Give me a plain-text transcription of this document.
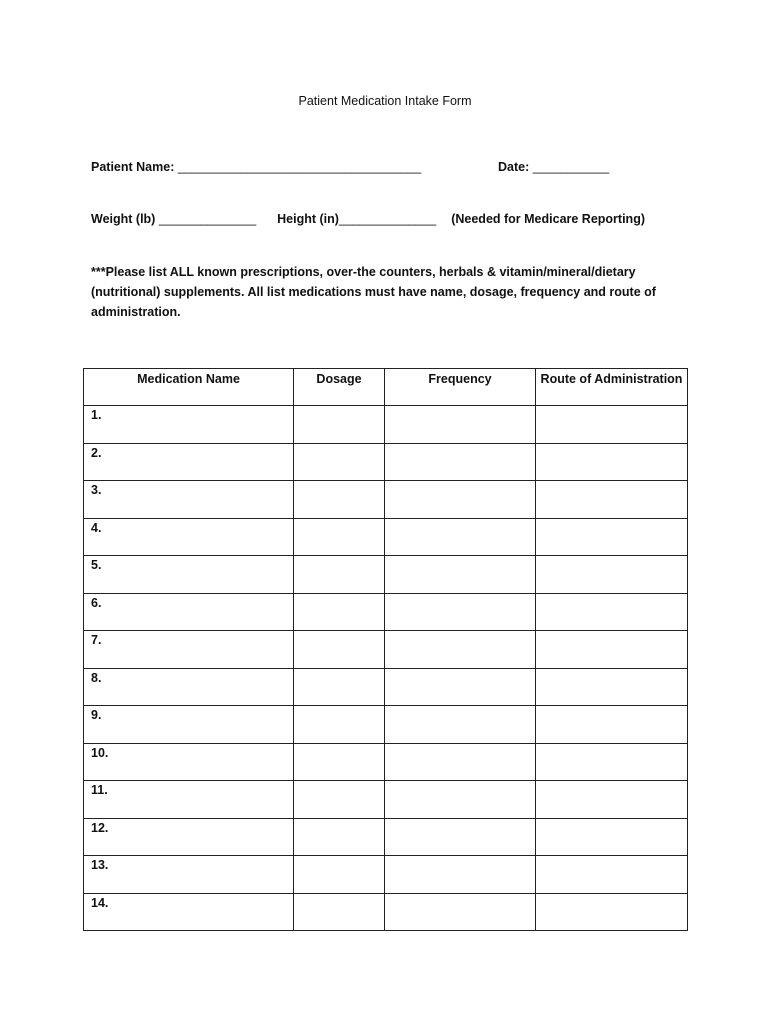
Patient Medication Intake Form
Patient Name: ___________________________________	Date: ___________
Weight (lb) ______________ Height (in)______________ (Needed for Medicare Reporting)
***Please list ALL known prescriptions, over-the counters, herbals & vitamin/mineral/dietary (nutritional) supplements. All list medications must have name, dosage, frequency and route of administration.
Medication Name	Dosage	Frequency	Route of Administration
1.			
2.			
3.			
4.			
5.			
6.			
7.			
8.			
9.			
10.			
11.			
12.			
13.			
14.			
